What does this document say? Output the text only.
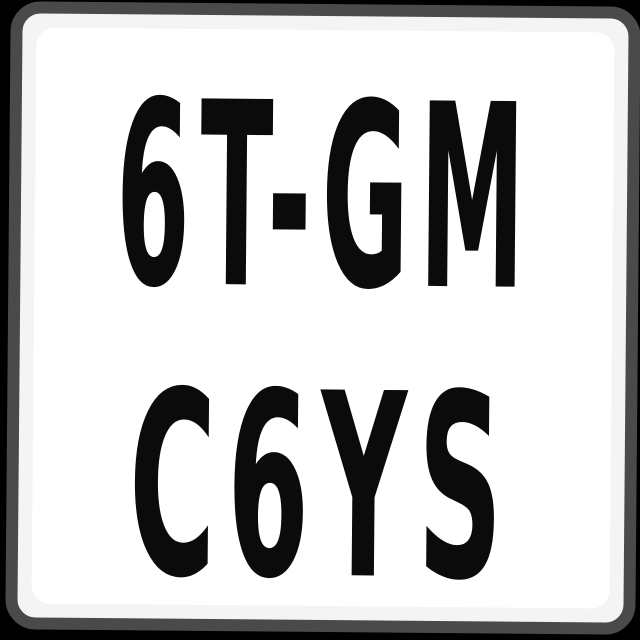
6T-GM
C6YS
